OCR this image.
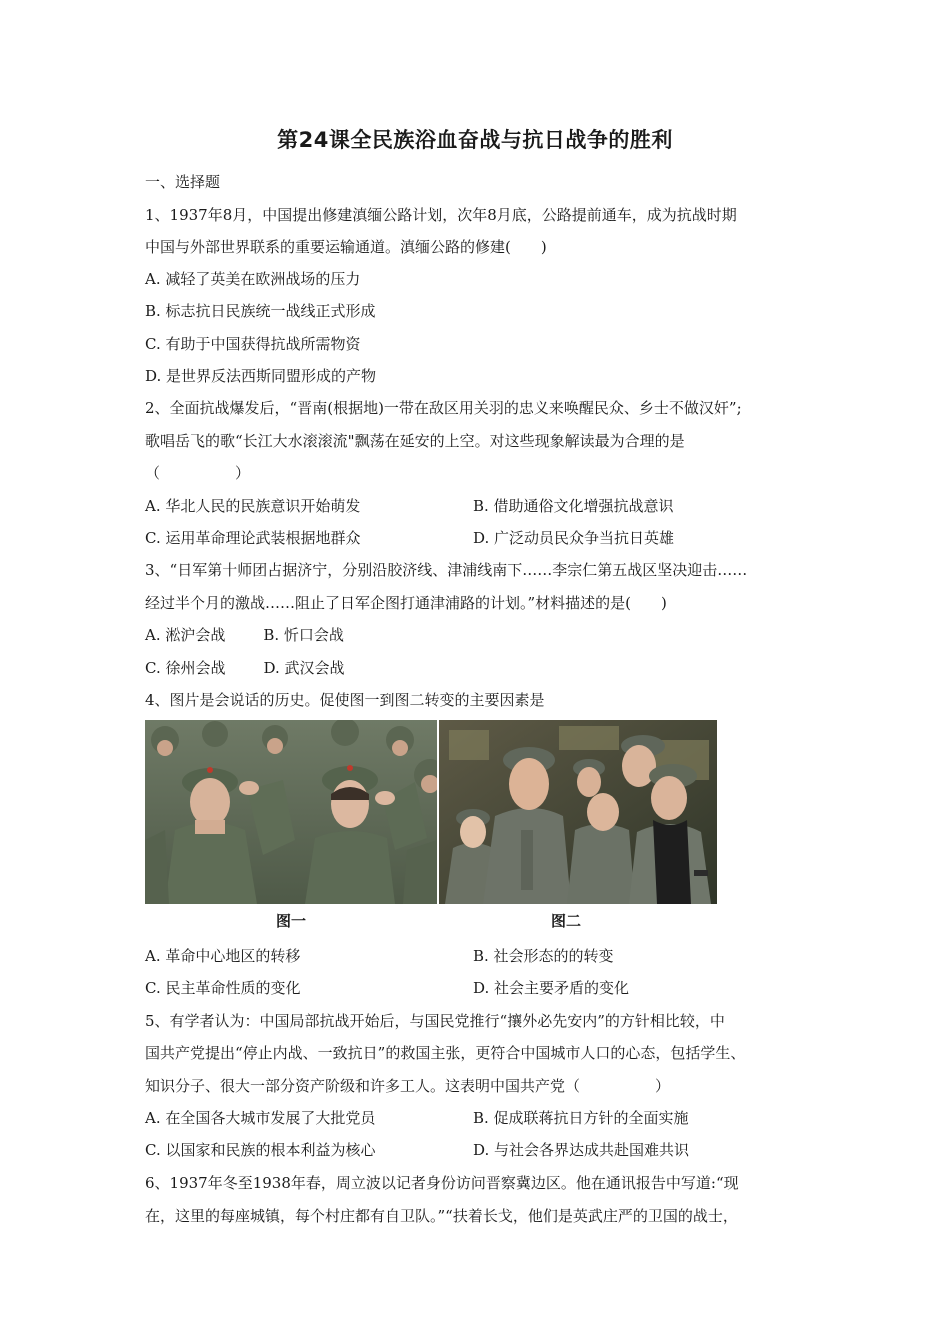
第24课全民族浴血奋战与抗日战争的胜利
一、选择题
1、1937年8月，中国提出修建滇缅公路计划，次年8月底，公路提前通车，成为抗战时期
中国与外部世界联系的重要运输通道。滇缅公路的修建(　　)
A. 减轻了英美在欧洲战场的压力
B. 标志抗日民族统一战线正式形成
C. 有助于中国获得抗战所需物资
D. 是世界反法西斯同盟形成的产物
2、全面抗战爆发后，“晋南(根据地)一带在敌区用关羽的忠义来唤醒民众、乡士不做汉奸”;
歌唱岳飞的歌“长江大水滚滚流"飘荡在延安的上空。对这些现象解读最为合理的是
（　　　　　）
A. 华北人民的民族意识开始萌发	B. 借助通俗文化增强抗战意识
C. 运用革命理论武装根据地群众	D. 广泛动员民众争当抗日英雄
3、“日军第十师团占据济宁，分别沿胶济线、津浦线南下……李宗仁第五战区坚决迎击……
经过半个月的激战……阻止了日军企图打通津浦路的计划。”材料描述的是(　　)
A. 淞沪会战	B. 忻口会战
C. 徐州会战	D. 武汉会战
4、图片是会说话的历史。促使图一到图二转变的主要因素是
图一	图二
A. 革命中心地区的转移	B. 社会形态的的转变
C. 民主革命性质的变化	D. 社会主要矛盾的变化
5、有学者认为：中国局部抗战开始后，与国民党推行“攘外必先安内”的方针相比较，中
国共产党提出“停止内战、一致抗日”的救国主张，更符合中国城市人口的心态，包括学生、
知识分子、很大一部分资产阶级和许多工人。这表明中国共产党（　　　　　）
A. 在全国各大城市发展了大批党员	B. 促成联蒋抗日方针的全面实施
C. 以国家和民族的根本利益为核心	D. 与社会各界达成共赴国难共识
6、1937年冬至1938年春，周立波以记者身份访问晋察冀边区。他在通讯报告中写道:“现
在，这里的每座城镇，每个村庄都有自卫队。”“扶着长戈，他们是英武庄严的卫国的战士，
